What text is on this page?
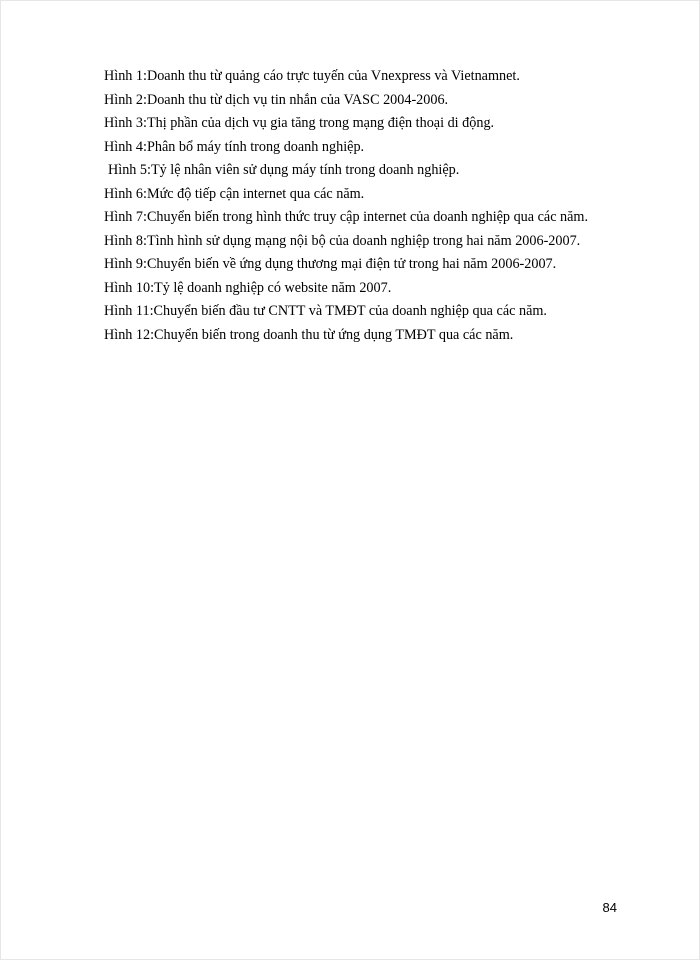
Hình 1:Doanh thu từ quảng cáo trực tuyến của Vnexpress và Vietnamnet.

Hình 2:Doanh thu từ dịch vụ tin nhắn của VASC 2004-2006.

Hình 3:Thị phần của dịch vụ gia tăng trong mạng điện thoại di động.

Hình 4:Phân bổ máy tính trong doanh nghiệp.

Hình 5:Tỷ lệ nhân viên sử dụng máy tính trong doanh nghiệp.

Hình 6:Mức độ tiếp cận internet qua các năm.

Hình 7:Chuyển biến trong hình thức truy cập internet của doanh nghiệp qua các năm.

Hình 8:Tình hình sử dụng mạng nội bộ của doanh nghiệp trong hai năm 2006-2007.

Hình 9:Chuyển biến về ứng dụng thương mại điện tử trong hai năm 2006-2007.

Hình 10:Tỷ lệ doanh nghiệp có website năm 2007.

Hình 11:Chuyển biến đầu tư CNTT và TMĐT của doanh nghiệp qua các năm.

Hình 12:Chuyển biến trong doanh thu từ ứng dụng TMĐT qua các năm.

84
